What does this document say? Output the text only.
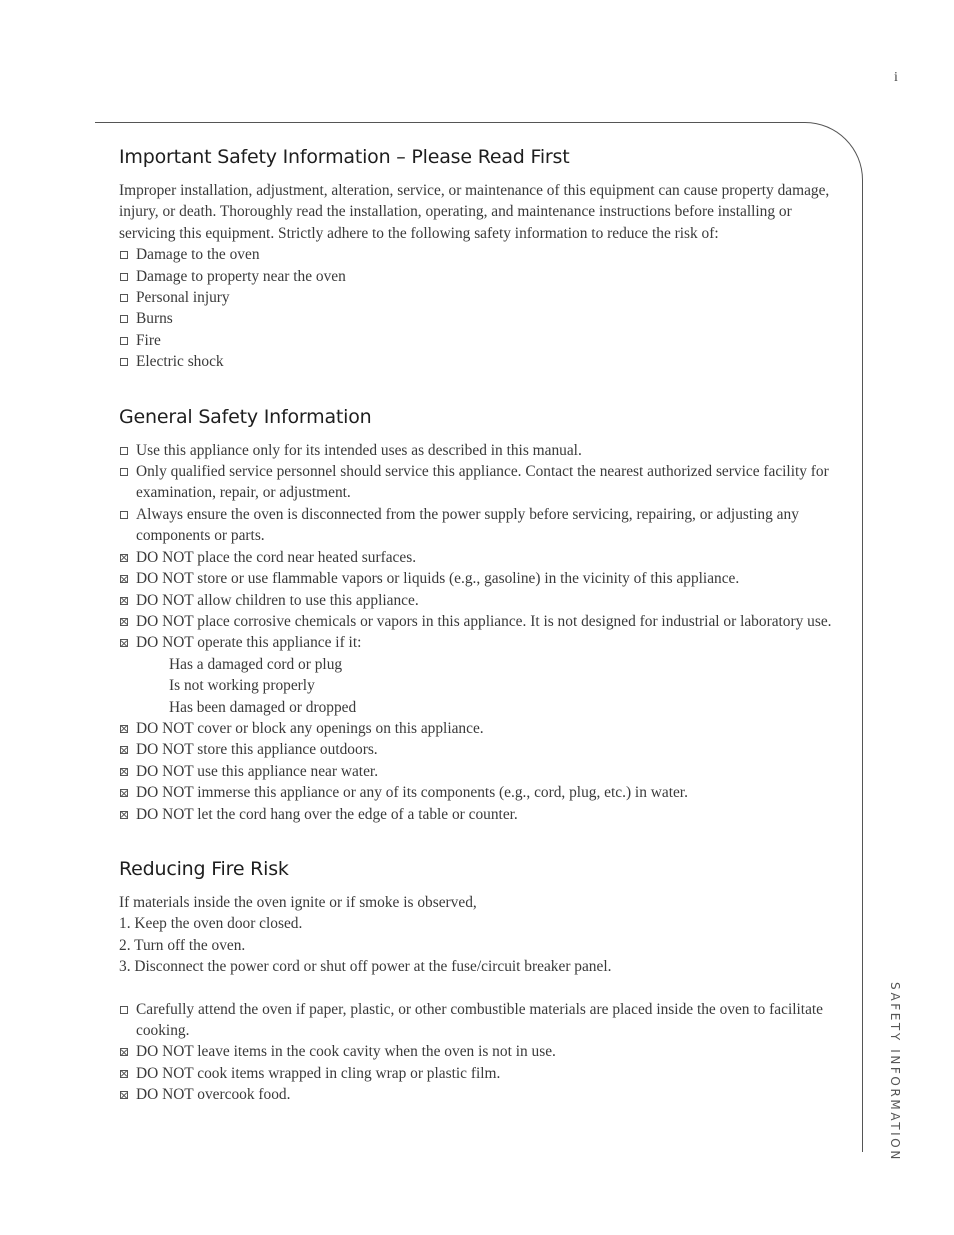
i
SAFETY INFORMATION
Important Safety Information – Please Read First

Improper installation, adjustment, alteration, service, or maintenance of this equipment can cause property damage, injury, or death. Thoroughly read the installation, operating, and maintenance instructions before installing or servicing this equipment. Strictly adhere to the following safety information to reduce the risk of:

Damage to the oven
Damage to property near the oven
Personal injury
Burns
Fire
Electric shock
General Safety Information
Use this appliance only for its intended uses as described in this manual.
Only qualified service personnel should service this appliance. Contact the nearest authorized service facility for examination, repair, or adjustment.
Always ensure the oven is disconnected from the power supply before servicing, repairing, or adjusting any components or parts.
DO NOT place the cord near heated surfaces.
DO NOT store or use flammable vapors or liquids (e.g., gasoline) in the vicinity of this appliance.
DO NOT allow children to use this appliance.
DO NOT place corrosive chemicals or vapors in this appliance. It is not designed for industrial or laboratory use.
DO NOT operate this appliance if it:
Has a damaged cord or plug
Is not working properly
Has been damaged or dropped
DO NOT cover or block any openings on this appliance.
DO NOT store this appliance outdoors.
DO NOT use this appliance near water.
DO NOT immerse this appliance or any of its components (e.g., cord, plug, etc.) in water.
DO NOT let the cord hang over the edge of a table or counter.
Reducing Fire Risk

If materials inside the oven ignite or if smoke is observed,

1. Keep the oven door closed.
2. Turn off the oven.
3. Disconnect the power cord or shut off power at the fuse/circuit breaker panel.
Carefully attend the oven if paper, plastic, or other combustible materials are placed inside the oven to facilitate cooking.
DO NOT leave items in the cook cavity when the oven is not in use.
DO NOT cook items wrapped in cling wrap or plastic film.
DO NOT overcook food.
